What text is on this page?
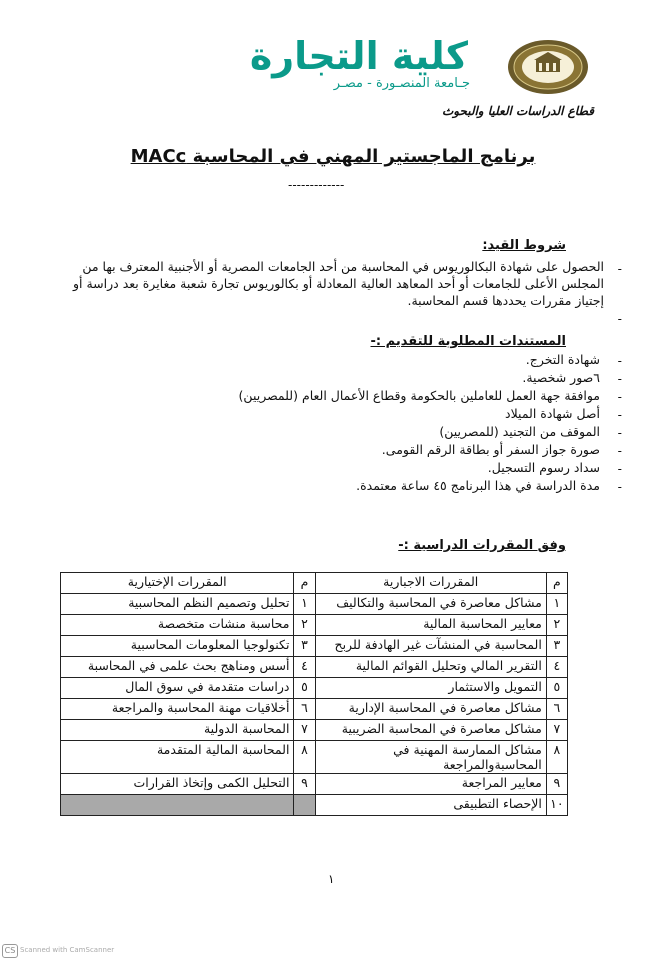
كلية التجارة
جـامعة المنصـورة - مصـر
قطاع الدراسات العليا والبحوث
برنامج الماجستير المهني في المحاسبة MACc
-------------
شروط القيد:
-
الحصول على شهادة البكالوريوس في المحاسبة من أحد الجامعات المصرية أو الأجنبية المعترف بها من المجلس الأعلى للجامعات أو أحد المعاهد العالية المعادلة أو بكالوريوس تجارة شعبة مغايرة بعد دراسة أو إجتياز مقررات يحددها قسم المحاسبة.
-
المستندات المطلوبة للتقديم :-
-
شهادة التخرج.
-
٦صور شخصية.
-
موافقة جهة العمل للعاملين بالحكومة وقطاع الأعمال العام (للمصريين)
-
أصل شهادة الميلاد
-
الموقف من التجنيد (للمصريين)
-
صورة جواز السفر أو بطاقة الرقم القومى.
-
سداد رسوم التسجيل.
-
مدة الدراسة في هذا البرنامج ٤٥ ساعة معتمدة.
وفق المقررات الدراسية :-
م	المقررات الاجبارية	م	المقررات الإختيارية
١	مشاكل معاصرة في المحاسبة والتكاليف	١	تحليل وتصميم النظم المحاسبية
٢	معايير المحاسبة المالية	٢	محاسبة منشات متخصصة
٣	المحاسبة في المنشآت غير الهادفة للربح	٣	تكنولوجيا المعلومات المحاسبية
٤	التقرير المالي وتحليل القوائم المالية	٤	أسس ومناهج بحث علمى في المحاسبة
٥	التمويل والاستثمار	٥	دراسات متقدمة في سوق المال
٦	مشاكل معاصرة في المحاسبة الإدارية	٦	أخلاقيات مهنة المحاسبة والمراجعة
٧	مشاكل معاصرة في المحاسبة الضريبية	٧	المحاسبة الدولية
٨	مشاكل الممارسة المهنية في المحاسبةوالمراجعة	٨	المحاسبة المالية المتقدمة
٩	معايير المراجعة	٩	التحليل الكمى وإتخاذ القرارات
١٠	الإحصاء التطبيقى		
١
CS Scanned with CamScanner
